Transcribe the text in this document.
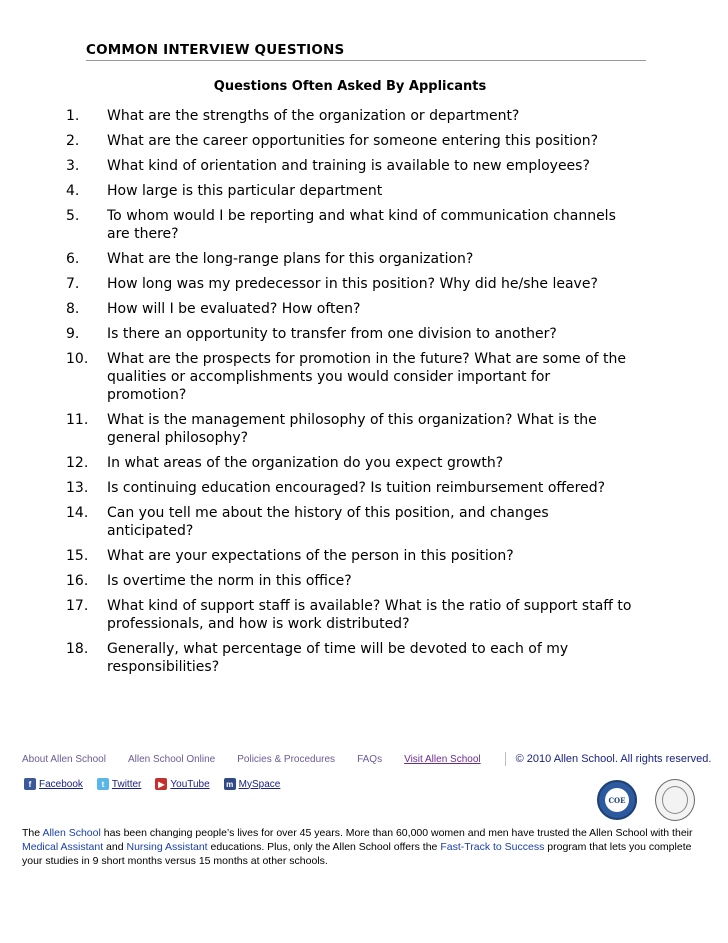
COMMON INTERVIEW QUESTIONS
Questions Often Asked By Applicants
1.	What are the strengths of the organization or department?
2.	What are the career opportunities for someone entering this position?
3.	What kind of orientation and training is available to new employees?
4.	How large is this particular department
5.	To whom would I be reporting and what kind of communication channels are there?
6.	What are the long-range plans for this organization?
7.	How long was my predecessor in this position? Why did he/she leave?
8.	How will I be evaluated? How often?
9.	Is there an opportunity to transfer from one division to another?
10.	What are the prospects for promotion in the future? What are some of the qualities or accomplishments you would consider important for promotion?
11.	What is the management philosophy of this organization? What is the general philosophy?
12.	In what areas of the organization do you expect growth?
13.	Is continuing education encouraged? Is tuition reimbursement offered?
14.	Can you tell me about the history of this position, and changes anticipated?
15.	What are your expectations of the person in this position?
16.	Is overtime the norm in this office?
17.	What kind of support staff is available? What is the ratio of support staff to professionals, and how is work distributed?
18.	Generally, what percentage of time will be devoted to each of my responsibilities?
About Allen School Allen School Online Policies & Procedures FAQs Visit Allen School	© 2010 Allen School. All rights reserved.
f Facebook	t Twitter	▶ YouTube	m MySpace
COE
The Allen School has been changing people’s lives for over 45 years. More than 60,000 women and men have trusted the Allen School with their Medical Assistant and Nursing Assistant educations. Plus, only the Allen School offers the Fast-Track to Success program that lets you complete your studies in 9 short months versus 15 months at other schools.
